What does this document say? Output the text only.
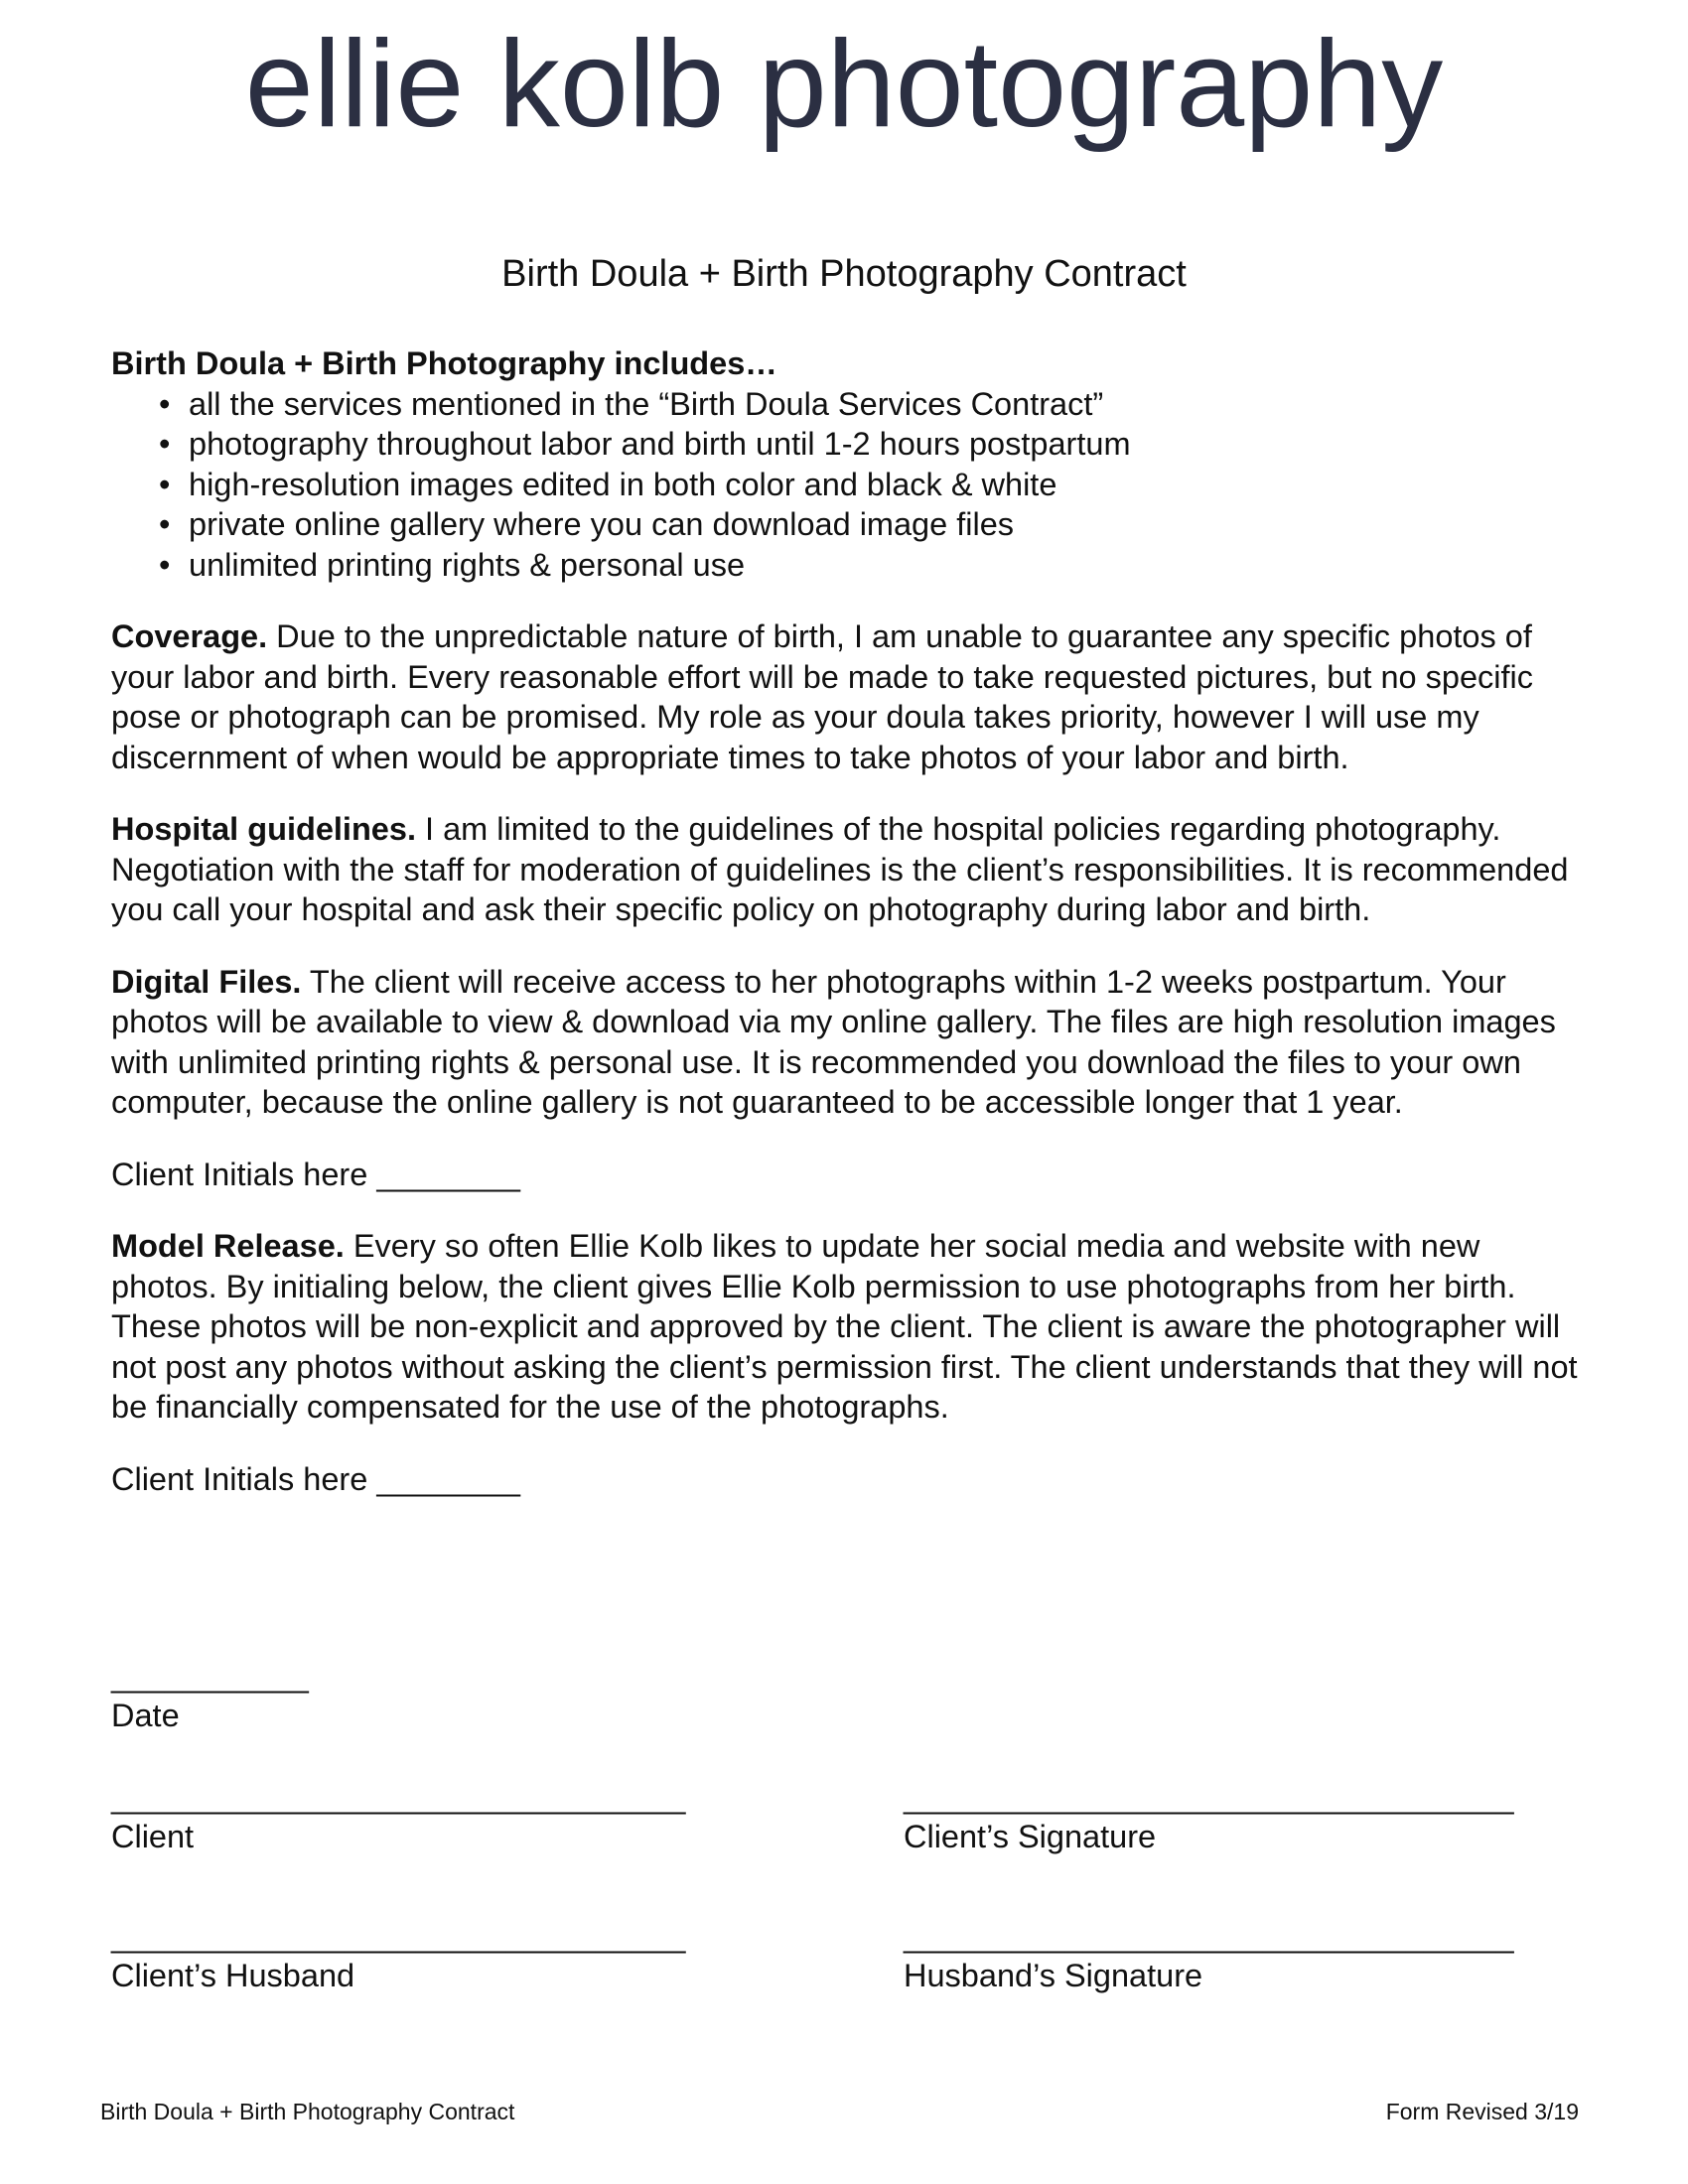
ellie kolb photography
Birth Doula + Birth Photography Contract

Birth Doula + Birth Photography includes…

• all the services mentioned in the “Birth Doula Services Contract”
• photography throughout labor and birth until 1-2 hours postpartum
• high-resolution images edited in both color and black & white
• private online gallery where you can download image files
• unlimited printing rights & personal use

Coverage. Due to the unpredictable nature of birth, I am unable to guarantee any specific photos of your labor and birth. Every reasonable effort will be made to take requested pictures, but no specific pose or photograph can be promised. My role as your doula takes priority, however I will use my discernment of when would be appropriate times to take photos of your labor and birth.

Hospital guidelines. I am limited to the guidelines of the hospital policies regarding photography. Negotiation with the staff for moderation of guidelines is the client’s responsibilities. It is recommended you call your hospital and ask their specific policy on photography during labor and birth.

Digital Files. The client will receive access to her photographs within 1-2 weeks postpartum. Your photos will be available to view & download via my online gallery. The files are high resolution images with unlimited printing rights & personal use. It is recommended you download the files to your own computer, because the online gallery is not guaranteed to be accessible longer that 1 year.

Client Initials here ________

Model Release. Every so often Ellie Kolb likes to update her social media and website with new photos. By initialing below, the client gives Ellie Kolb permission to use photographs from her birth. These photos will be non-explicit and approved by the client. The client is aware the photographer will not post any photos without asking the client’s permission first. The client understands that they will not be financially compensated for the use of the photographs.

Client Initials here ________

___________
Date
________________________________
Client
__________________________________
Client’s Signature
________________________________
Client’s Husband
__________________________________
Husband’s Signature
Birth Doula + Birth Photography Contract	Form Revised 3/19
